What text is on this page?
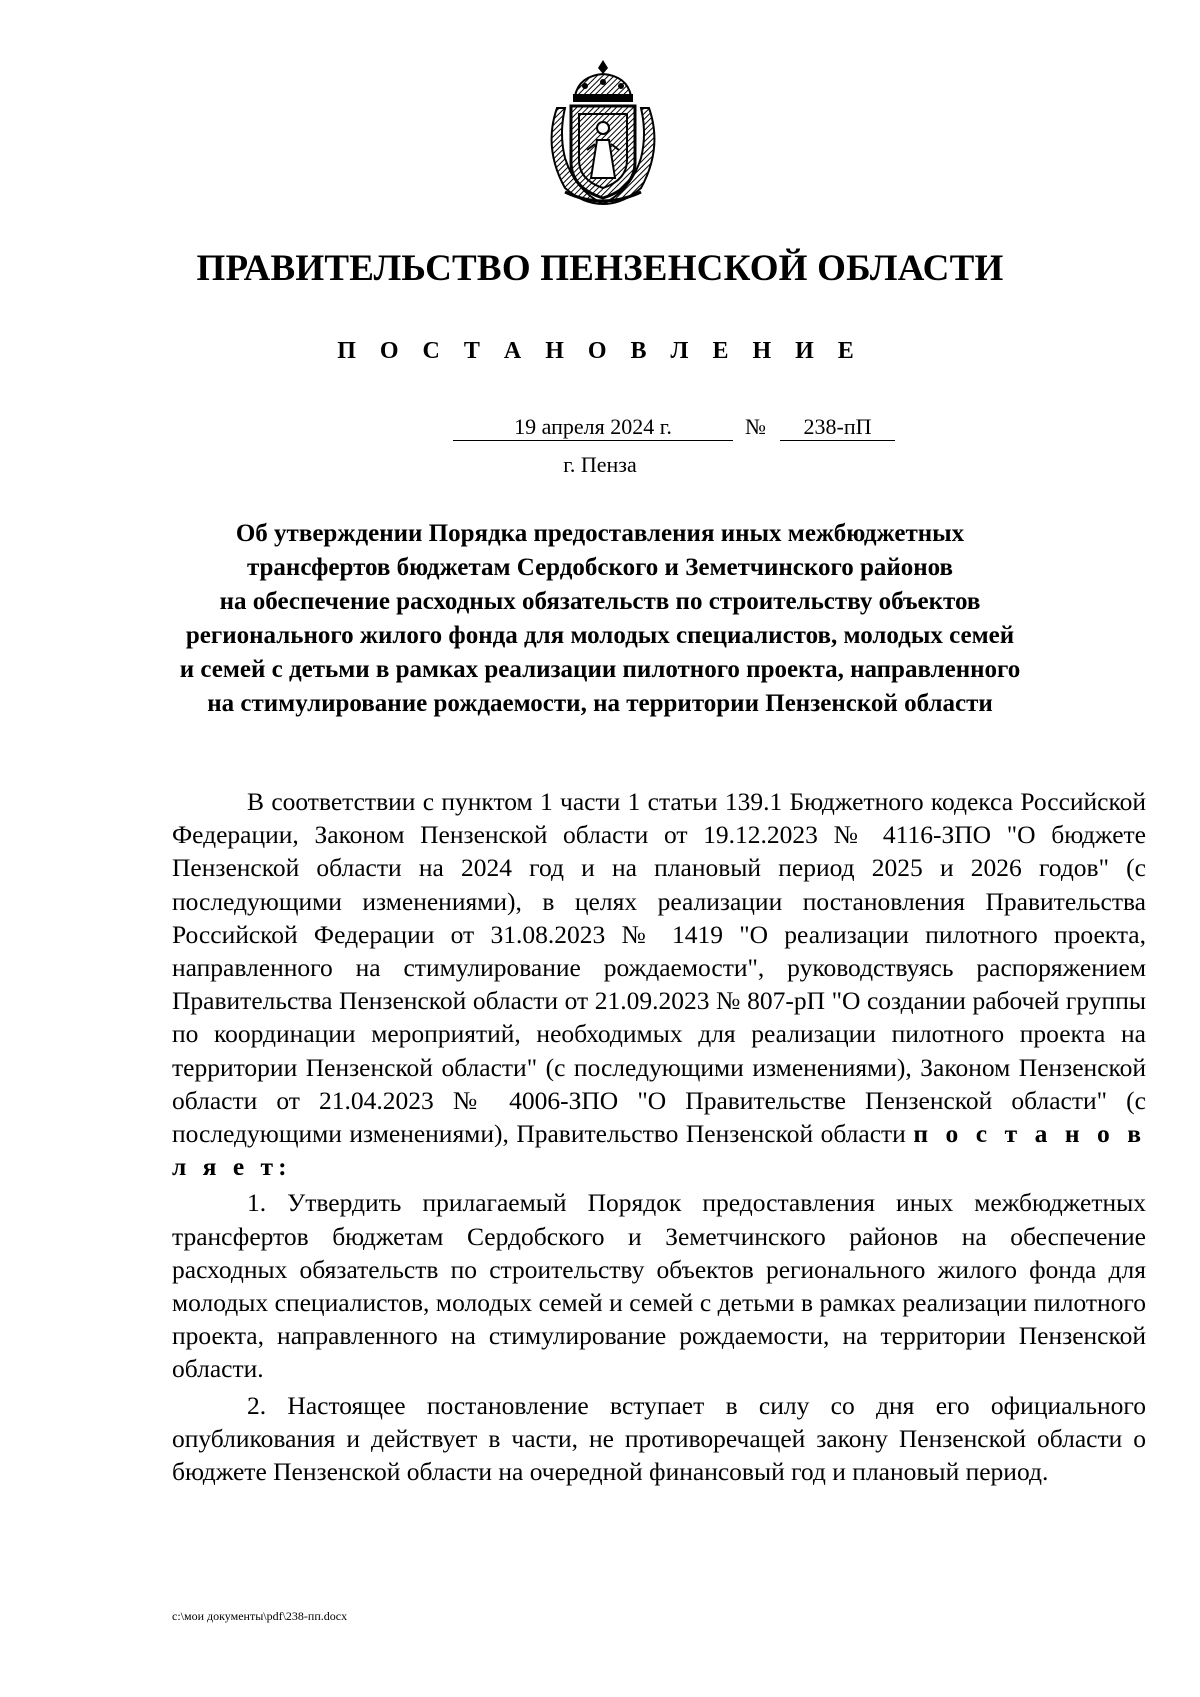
ПРАВИТЕЛЬСТВО ПЕНЗЕНСКОЙ ОБЛАСТИ
П О С Т А Н О В Л Е Н И Е
19 апреля 2024 г.	№	238-пП
г. Пенза
Об утверждении Порядка предоставления иных межбюджетных
трансфертов бюджетам Сердобского и Земетчинского районов
на обеспечение расходных обязательств по строительству объектов
регионального жилого фонда для молодых специалистов, молодых семей
и семей с детьми в рамках реализации пилотного проекта, направленного
на стимулирование рождаемости, на территории Пензенской области

В соответствии с пунктом 1 части 1 статьи 139.1 Бюджетного кодекса Российской Федерации, Законом Пензенской области от 19.12.2023 № 4116-ЗПО "О бюджете Пензенской области на 2024 год и на плановый период 2025 и 2026 годов" (с последующими изменениями), в целях реализации постановления Правительства Российской Федерации от 31.08.2023 № 1419 "О реализации пилотного проекта, направленного на стимулирование рождаемости", руководствуясь распоряжением Правительства Пензенской области от 21.09.2023 № 807-рП "О создании рабочей группы по координации мероприятий, необходимых для реализации пилотного проекта на территории Пензенской области" (с последующими изменениями), Законом Пензенской области от 21.04.2023 № 4006-ЗПО "О Правительстве Пензенской области" (с последующими изменениями), Правительство Пензенской области п о с т а н о в л я е т:

1. Утвердить прилагаемый Порядок предоставления иных межбюджетных трансфертов бюджетам Сердобского и Земетчинского районов на обеспечение расходных обязательств по строительству объектов регионального жилого фонда для молодых специалистов, молодых семей и семей с детьми в рамках реализации пилотного проекта, направленного на стимулирование рождаемости, на территории Пензенской области.

2. Настоящее постановление вступает в силу со дня его официального опубликования и действует в части, не противоречащей закону Пензенской области о бюджете Пензенской области на очередной финансовый год и плановый период.

c:\мои документы\pdf\238-пп.docx
